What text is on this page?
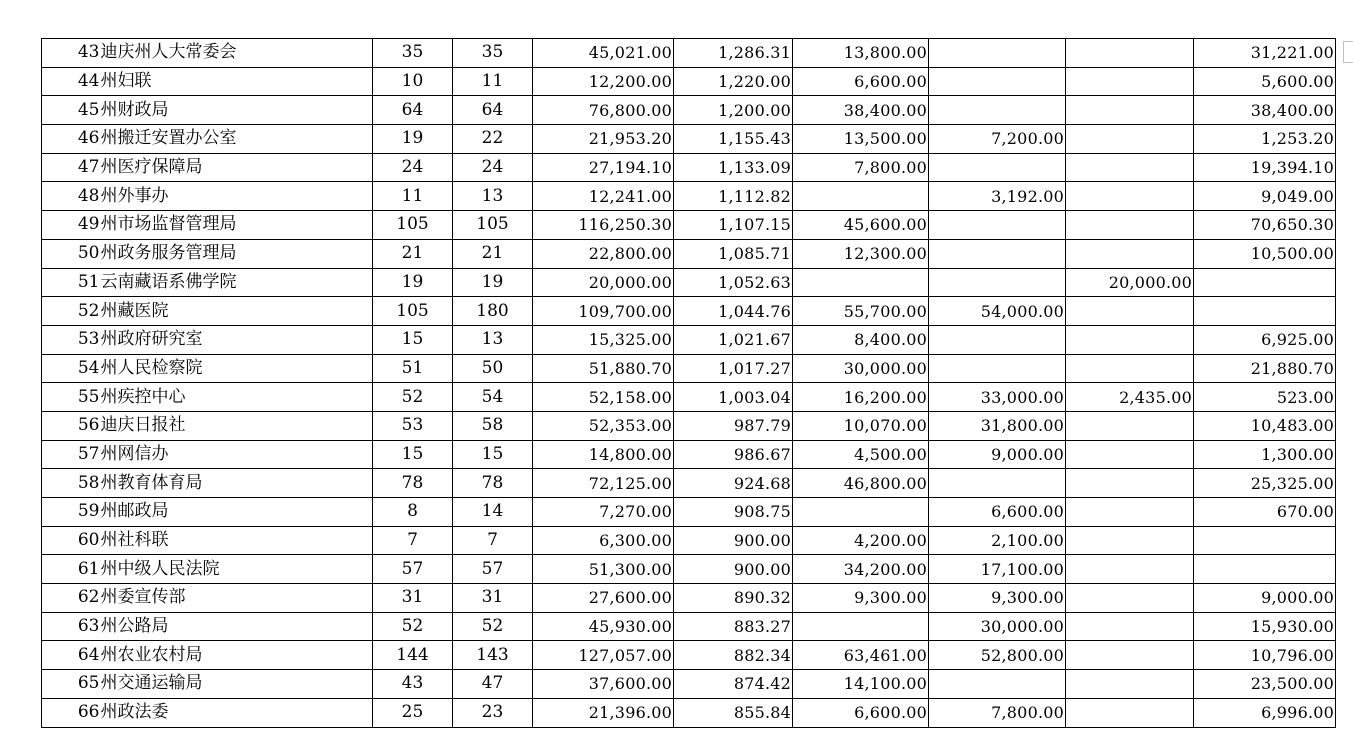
43	迪庆州人大常委会	35	35	45,021.00	1,286.31	13,800.00			31,221.00
44	州妇联	10	11	12,200.00	1,220.00	6,600.00			5,600.00
45	州财政局	64	64	76,800.00	1,200.00	38,400.00			38,400.00
46	州搬迁安置办公室	19	22	21,953.20	1,155.43	13,500.00	7,200.00		1,253.20
47	州医疗保障局	24	24	27,194.10	1,133.09	7,800.00			19,394.10
48	州外事办	11	13	12,241.00	1,112.82		3,192.00		9,049.00
49	州市场监督管理局	105	105	116,250.30	1,107.15	45,600.00			70,650.30
50	州政务服务管理局	21	21	22,800.00	1,085.71	12,300.00			10,500.00
51	云南藏语系佛学院	19	19	20,000.00	1,052.63			20,000.00	
52	州藏医院	105	180	109,700.00	1,044.76	55,700.00	54,000.00		
53	州政府研究室	15	13	15,325.00	1,021.67	8,400.00			6,925.00
54	州人民检察院	51	50	51,880.70	1,017.27	30,000.00			21,880.70
55	州疾控中心	52	54	52,158.00	1,003.04	16,200.00	33,000.00	2,435.00	523.00
56	迪庆日报社	53	58	52,353.00	987.79	10,070.00	31,800.00		10,483.00
57	州网信办	15	15	14,800.00	986.67	4,500.00	9,000.00		1,300.00
58	州教育体育局	78	78	72,125.00	924.68	46,800.00			25,325.00
59	州邮政局	8	14	7,270.00	908.75		6,600.00		670.00
60	州社科联	7	7	6,300.00	900.00	4,200.00	2,100.00		
61	州中级人民法院	57	57	51,300.00	900.00	34,200.00	17,100.00		
62	州委宣传部	31	31	27,600.00	890.32	9,300.00	9,300.00		9,000.00
63	州公路局	52	52	45,930.00	883.27		30,000.00		15,930.00
64	州农业农村局	144	143	127,057.00	882.34	63,461.00	52,800.00		10,796.00
65	州交通运输局	43	47	37,600.00	874.42	14,100.00			23,500.00
66	州政法委	25	23	21,396.00	855.84	6,600.00	7,800.00		6,996.00
